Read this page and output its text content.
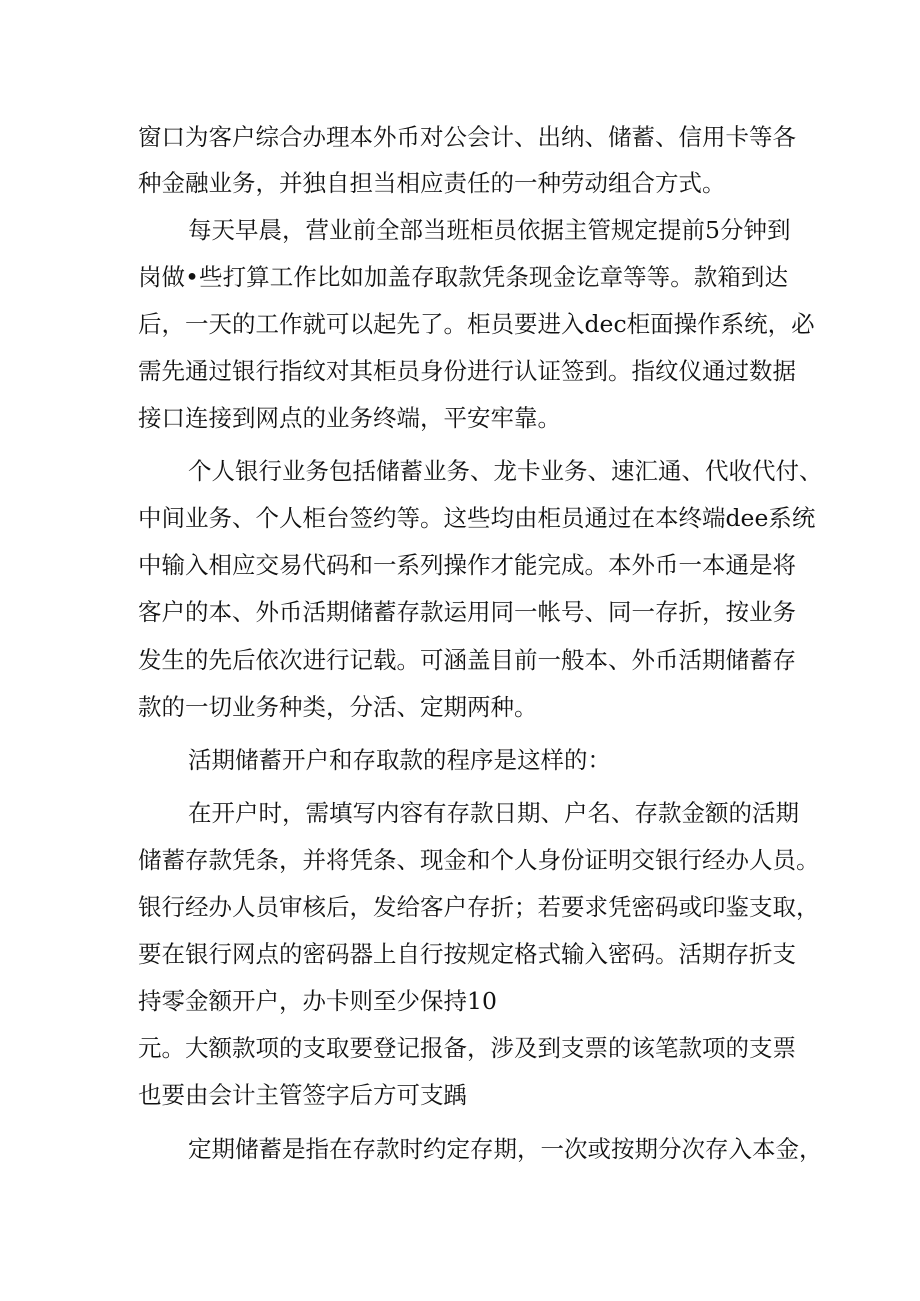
窗口为客户综合办理本外币对公会计、出纳、储蓄、信用卡等各
种金融业务，并独自担当相应责任的一种劳动组合方式。
每天早晨，营业前全部当班柜员依据主管规定提前5分钟到
岗做•些打算工作比如加盖存取款凭条现金讫章等等。款箱到达
后，一天的工作就可以起先了。柜员要进入dec柜面操作系统，必
需先通过银行指纹对其柜员身份进行认证签到。指纹仪通过数据
接口连接到网点的业务终端，平安牢靠。
个人银行业务包括储蓄业务、龙卡业务、速汇通、代收代付、
中间业务、个人柜台签约等。这些均由柜员通过在本终端dee系统
中输入相应交易代码和一系列操作才能完成。本外币一本通是将
客户的本、外币活期储蓄存款运用同一帐号、同一存折，按业务
发生的先后依次进行记载。可涵盖目前一般本、外币活期储蓄存
款的一切业务种类，分活、定期两种。
活期储蓄开户和存取款的程序是这样的：
在开户时，需填写内容有存款日期、户名、存款金额的活期
储蓄存款凭条，并将凭条、现金和个人身份证明交银行经办人员。
银行经办人员审核后，发给客户存折；若要求凭密码或印鉴支取，
要在银行网点的密码器上自行按规定格式输入密码。活期存折支
持零金额开户，办卡则至少保持10
元。大额款项的支取要登记报备，涉及到支票的该笔款项的支票
也要由会计主管签字后方可支踽
定期储蓄是指在存款时约定存期，一次或按期分次存入本金，
